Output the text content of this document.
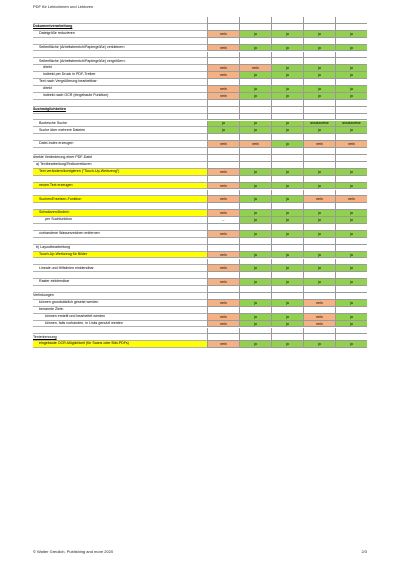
PDF für Lektorinnen und Lektoren
Dokumentverarbeitung
Dateigröße reduzieren	nein	ja	ja	ja	ja
Seitenfläche (Arbeitsbereich/Papiergröße) verkleinern	nein	ja	ja	ja	ja
Seitenfläche (Arbeitsbereich/Papiergröße) vergrößern:
direkt	nein	nein	ja	ja	ja
indirekt per Druck in PDF-Treiber	nein	ja	ja	ja	ja
Text nach Vergrößerung bearbeitbar:
direkt	nein	ja	ja	ja	ja
indirekt nach OCR (eingebaute Funktion)	nein	ja	ja	ja	ja
Suchmöglichkeiten
Boolesche Suche	ja	ja	ja	ansatzweise	ansatzweise
Suche über mehrere Dateien	ja	ja	ja	ja	ja
Datei-Index erzeugen	nein	nein	ja	nein	nein
direkte Veränderung einer PDF-Datei
a) Textbearbeitung/Textkorrekturen
Text verändern/korrigieren ("Touch-Up-Werkzeug")	nein	ja	ja	ja	ja
neuen Text erzeugen	nein	ja	ja	ja	ja
Suchen/Ersetzen-Funktion	nein	ja	ja	nein	nein
Schwärzen/Ändern	nein	ja	ja	ja	ja
per Suchfunktion	–	ja	ja	ja	ja
vorhandene Wasserzeichen entfernen	nein	ja	ja	ja	ja
b) Layoutbearbeitung
Touch-Up-Werkzeug für Bilder	nein	ja	ja	ja	ja
Lineale und Hilfslinien einblendbar	nein	ja	ja	ja	ja
Raster einblendbar	nein	ja	ja	ja	ja
Verlinkungen
können grundsätzlich gesetzt werden	nein	ja	ja	nein	ja
benannte Ziele:
können erstellt und bearbeitet werden	nein	ja	ja	nein	ja
können, falls vorhanden, in Links genutzt werden	nein	ja	ja	nein	ja
Texterkennung
eingebaute OCR-Möglichkeit (für Scans oder Bild-PDFs)	nein	ja	ja	ja	ja
© Walter Greulich, Publishing and more 2020	2/3
